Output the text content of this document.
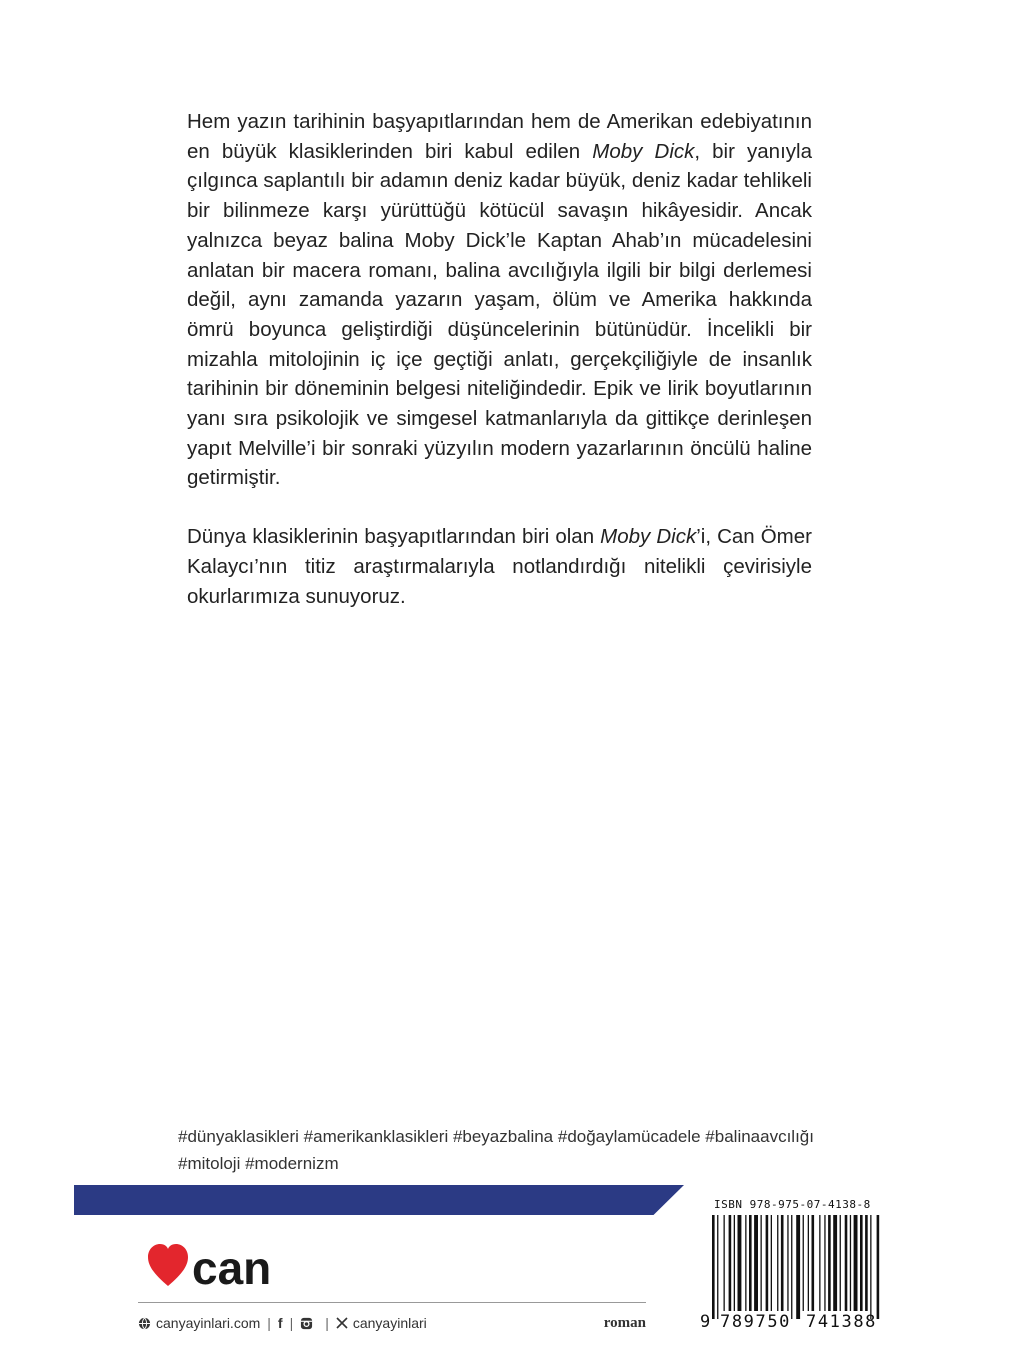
Hem yazın tarihinin başyapıtlarından hem de Amerikan edebiyatının en büyük klasiklerinden biri kabul edilen Moby Dick, bir yanıyla çılgınca saplantılı bir adamın deniz kadar büyük, deniz kadar tehlikeli bir bilinmeze karşı yürüttüğü kötücül savaşın hikâyesidir. Ancak yalnızca beyaz balina Moby Dick’le Kaptan Ahab’ın mücadelesini anlatan bir macera romanı, balina avcılığıyla ilgili bir bilgi derlemesi değil, aynı zamanda yazarın yaşam, ölüm ve Amerika hakkında ömrü boyunca geliştirdiği düşüncelerinin bütünüdür. İncelikli bir mizahla mitolojinin iç içe geçtiği anlatı, gerçekçiliğiyle de insanlık tarihinin bir döneminin belgesi niteliğindedir. Epik ve lirik boyutlarının yanı sıra psikolojik ve simgesel katmanlarıyla da gittikçe derinleşen yapıt Melville’i bir sonraki yüzyılın modern yazarlarının öncülü haline getirmiştir.

Dünya klasiklerinin başyapıtlarından biri olan Moby Dick’i, Can Ömer Kalaycı’nın titiz araştırmalarıyla notlandırdığı nitelikli çevirisiyle okurlarımıza sunuyoruz.

#dünyaklasikleri #amerikanklasikleri #beyazbalina #doğaylamücadele #balinaavcılığı
#mitoloji #modernizm
can
canyayinlari.com | f | | canyayinlari	roman
ISBN 978-975-07-4138-8
9 789750 741388
